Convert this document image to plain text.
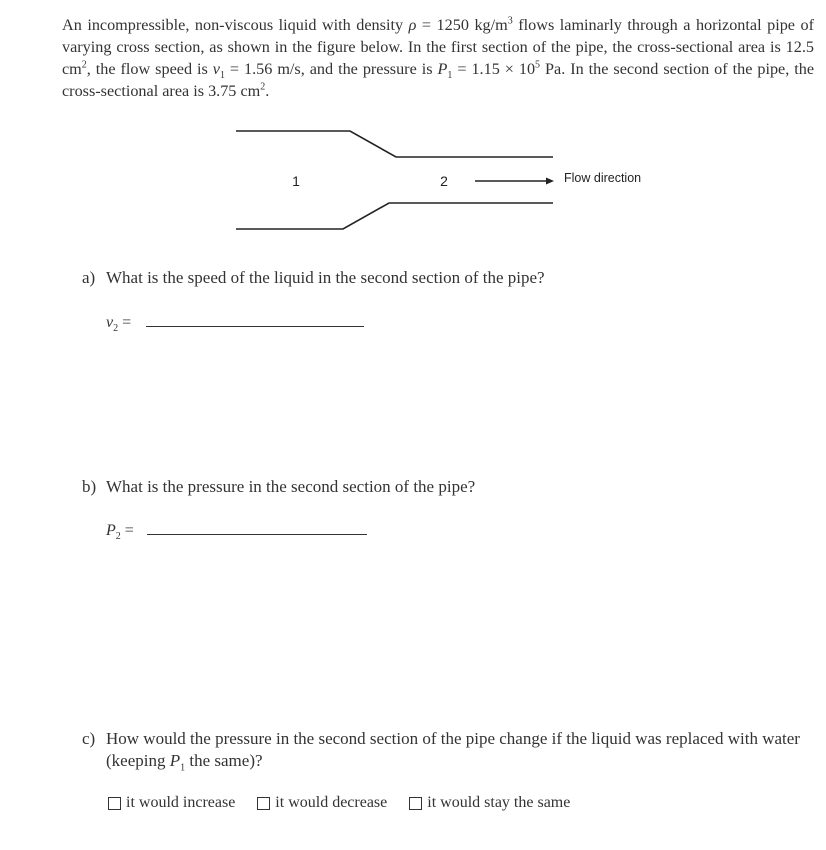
An incompressible, non-viscous liquid with density ρ = 1250 $kg/m^3$ flows laminarly through a horizontal pipe of varying cross section, as shown in the figure below. In the first section of the pipe, the cross-sectional area is 12.5 $cm^2$, the flow speed is $v_1 = 1.56$ m/s, and the pressure is $P_1 = 1.15 \times 10^5$ Pa. In the second section of the pipe, the cross-sectional area is 3.75 $cm^2$.
1	2	Flow direction
a) What is the speed of the liquid in the second section of the pipe?
$v_2$ =
b) What is the pressure in the second section of the pipe?
$P_2$ =
c) How would the pressure in the second section of the pipe change if the liquid was replaced with water (keeping $P_1$ the same)?
it would increase	it would decrease	it would stay the same
